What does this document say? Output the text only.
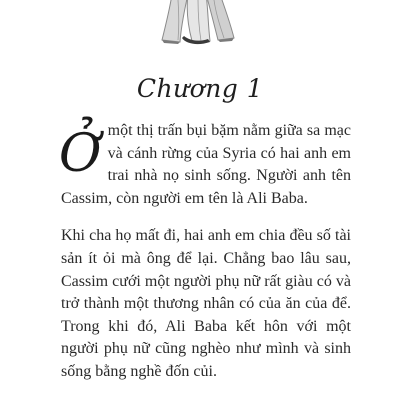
Chương 1

Ởmột thị trấn bụi bặm nằm giữa sa mạc và cánh rừng của Syria có hai anh em trai nhà nọ sinh sống. Người anh tên Cassim, còn người em tên là Ali Baba.

Khi cha họ mất đi, hai anh em chia đều số tài sản ít ỏi mà ông để lại. Chẳng bao lâu sau, Cassim cưới một người phụ nữ rất giàu có và trở thành một thương nhân có của ăn của để. Trong khi đó, Ali Baba kết hôn với một người phụ nữ cũng nghèo như mình và sinh sống bằng nghề đốn củi.
